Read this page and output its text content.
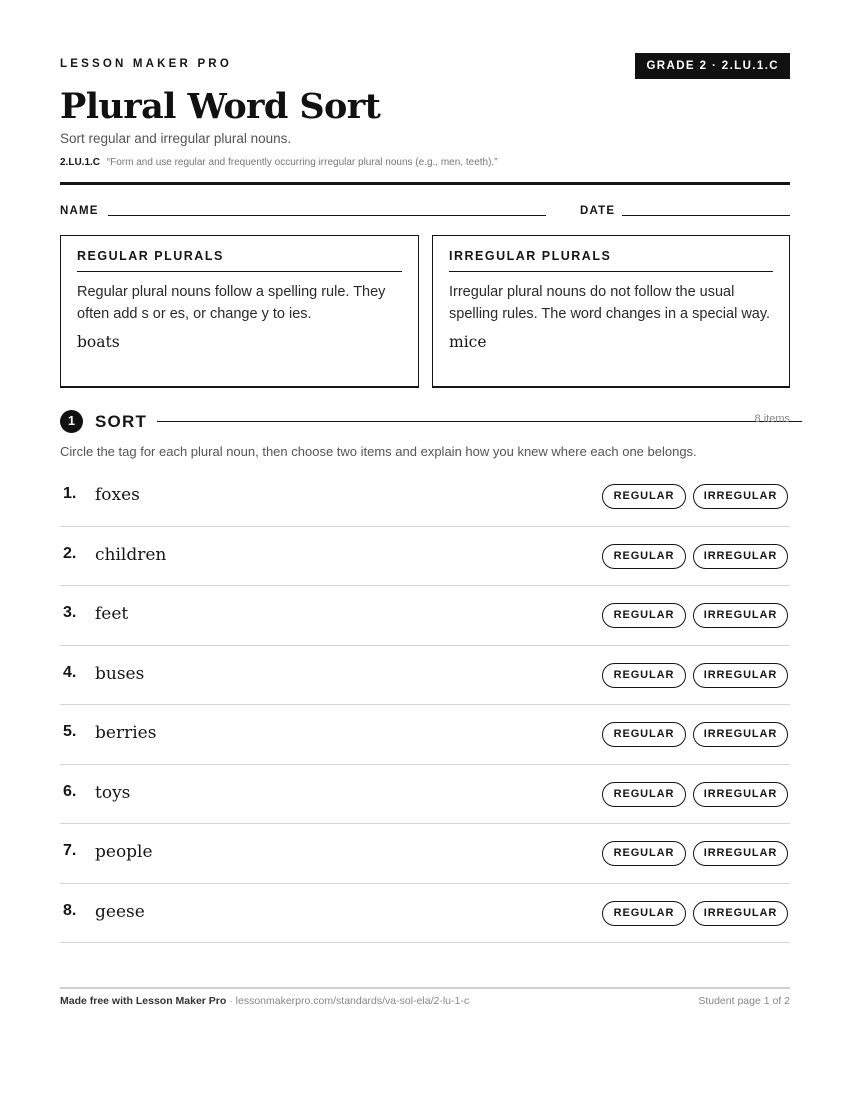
LESSON MAKER PRO	GRADE 2 · 2.LU.1.C
Plural Word Sort
Sort regular and irregular plural nouns.
2.LU.1.C “Form and use regular and frequently occurring irregular plural nouns (e.g., men, teeth).”
NAME	DATE
REGULAR PLURALS
Regular plural nouns follow a spelling rule. They often add s or es, or change y to ies.
boats
IRREGULAR PLURALS
Irregular plural nouns do not follow the usual spelling rules. The word changes in a special way.
mice
1	SORT	8 items
Circle the tag for each plural noun, then choose two items and explain how you knew where each one belongs.
1. foxes	REGULAR	IRREGULAR
2. children	REGULAR	IRREGULAR
3. feet	REGULAR	IRREGULAR
4. buses	REGULAR	IRREGULAR
5. berries	REGULAR	IRREGULAR
6. toys	REGULAR	IRREGULAR
7. people	REGULAR	IRREGULAR
8. geese	REGULAR	IRREGULAR
Made free with Lesson Maker Pro · lessonmakerpro.com/standards/va-sol-ela/2-lu-1-c	Student page 1 of 2
